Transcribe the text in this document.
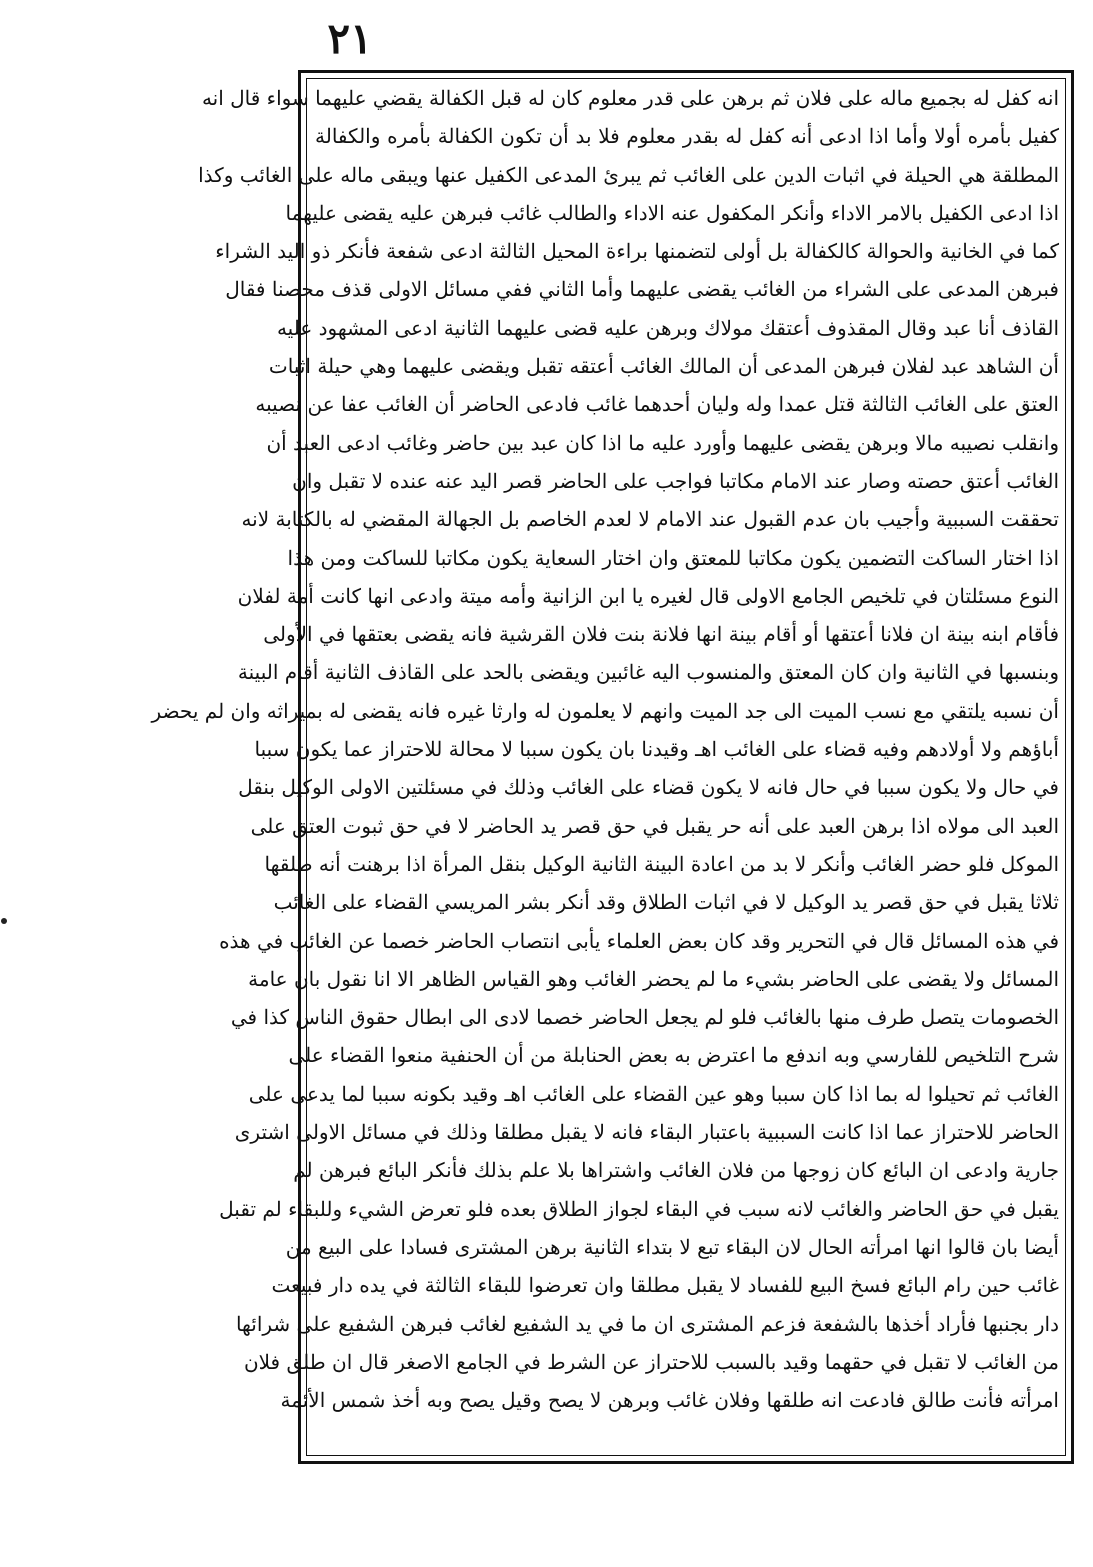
٢١
انه كفل له بجميع ماله على فلان ثم برهن على قدر معلوم كان له قبل الكفالة يقضي عليهما سواء قال انه
كفيل بأمره أولا وأما اذا ادعى أنه كفل له بقدر معلوم فلا بد أن تكون الكفالة بأمره والكفالة
المطلقة هي الحيلة في اثبات الدين على الغائب ثم يبرئ المدعى الكفيل عنها ويبقى ماله على الغائب وكذا
اذا ادعى الكفيل بالامر الاداء وأنكر المكفول عنه الاداء والطالب غائب فبرهن عليه يقضى عليهما
كما في الخانية والحوالة كالكفالة بل أولى لتضمنها براءة المحيل الثالثة ادعى شفعة فأنكر ذو اليد الشراء
فبرهن المدعى على الشراء من الغائب يقضى عليهما وأما الثاني ففي مسائل الاولى قذف محصنا فقال
القاذف أنا عبد وقال المقذوف أعتقك مولاك وبرهن عليه قضى عليهما الثانية ادعى المشهود عليه
أن الشاهد عبد لفلان فبرهن المدعى أن المالك الغائب أعتقه تقبل ويقضى عليهما وهي حيلة اثبات
العتق على الغائب الثالثة قتل عمدا وله وليان أحدهما غائب فادعى الحاضر أن الغائب عفا عن نصيبه
وانقلب نصيبه مالا وبرهن يقضى عليهما وأورد عليه ما اذا كان عبد بين حاضر وغائب ادعى العبد أن
الغائب أعتق حصته وصار عند الامام مكاتبا فواجب على الحاضر قصر اليد عنه عنده لا تقبل وان
تحققت السببية وأجيب بان عدم القبول عند الامام لا لعدم الخاصم بل الجهالة المقضي له بالكتابة لانه
اذا اختار الساكت التضمين يكون مكاتبا للمعتق وان اختار السعاية يكون مكاتبا للساكت ومن هذا
النوع مسئلتان في تلخيص الجامع الاولى قال لغيره يا ابن الزانية وأمه ميتة وادعى انها كانت أمة لفلان
فأقام ابنه بينة ان فلانا أعتقها أو أقام بينة انها فلانة بنت فلان القرشية فانه يقضى بعتقها في الأولى
وبنسبها في الثانية وان كان المعتق والمنسوب اليه غائبين ويقضى بالحد على القاذف الثانية أقام البينة
أن نسبه يلتقي مع نسب الميت الى جد الميت وانهم لا يعلمون له وارثا غيره فانه يقضى له بميراثه وان لم يحضر
أباؤهم ولا أولادهم وفيه قضاء على الغائب اهـ وقيدنا بان يكون سببا لا محالة للاحتراز عما يكون سببا
في حال ولا يكون سببا في حال فانه لا يكون قضاء على الغائب وذلك في مسئلتين الاولى الوكيل بنقل
العبد الى مولاه اذا برهن العبد على أنه حر يقبل في حق قصر يد الحاضر لا في حق ثبوت العتق على
الموكل فلو حضر الغائب وأنكر لا بد من اعادة البينة الثانية الوكيل بنقل المرأة اذا برهنت أنه طلقها
ثلاثا يقبل في حق قصر يد الوكيل لا في اثبات الطلاق وقد أنكر بشر المريسي القضاء على الغائب
في هذه المسائل قال في التحرير وقد كان بعض العلماء يأبى انتصاب الحاضر خصما عن الغائب في هذه
المسائل ولا يقضى على الحاضر بشيء ما لم يحضر الغائب وهو القياس الظاهر الا انا نقول بان عامة
الخصومات يتصل طرف منها بالغائب فلو لم يجعل الحاضر خصما لادى الى ابطال حقوق الناس كذا في
شرح التلخيص للفارسي وبه اندفع ما اعترض به بعض الحنابلة من أن الحنفية منعوا القضاء على
الغائب ثم تحيلوا له بما اذا كان سببا وهو عين القضاء على الغائب اهـ وقيد بكونه سببا لما يدعى على
الحاضر للاحتراز عما اذا كانت السببية باعتبار البقاء فانه لا يقبل مطلقا وذلك في مسائل الاولى اشترى
جارية وادعى ان البائع كان زوجها من فلان الغائب واشتراها بلا علم بذلك فأنكر البائع فبرهن لم
يقبل في حق الحاضر والغائب لانه سبب في البقاء لجواز الطلاق بعده فلو تعرض الشيء وللبقاء لم تقبل
أيضا بان قالوا انها امرأته الحال لان البقاء تبع لا بتداء الثانية برهن المشترى فسادا على البيع من
غائب حين رام البائع فسخ البيع للفساد لا يقبل مطلقا وان تعرضوا للبقاء الثالثة في يده دار فبيعت
دار بجنبها فأراد أخذها بالشفعة فزعم المشترى ان ما في يد الشفيع لغائب فبرهن الشفيع على شرائها
من الغائب لا تقبل في حقهما وقيد بالسبب للاحتراز عن الشرط في الجامع الاصغر قال ان طلق فلان
امرأته فأنت طالق فادعت انه طلقها وفلان غائب وبرهن لا يصح وقيل يصح وبه أخذ شمس الأئمة
